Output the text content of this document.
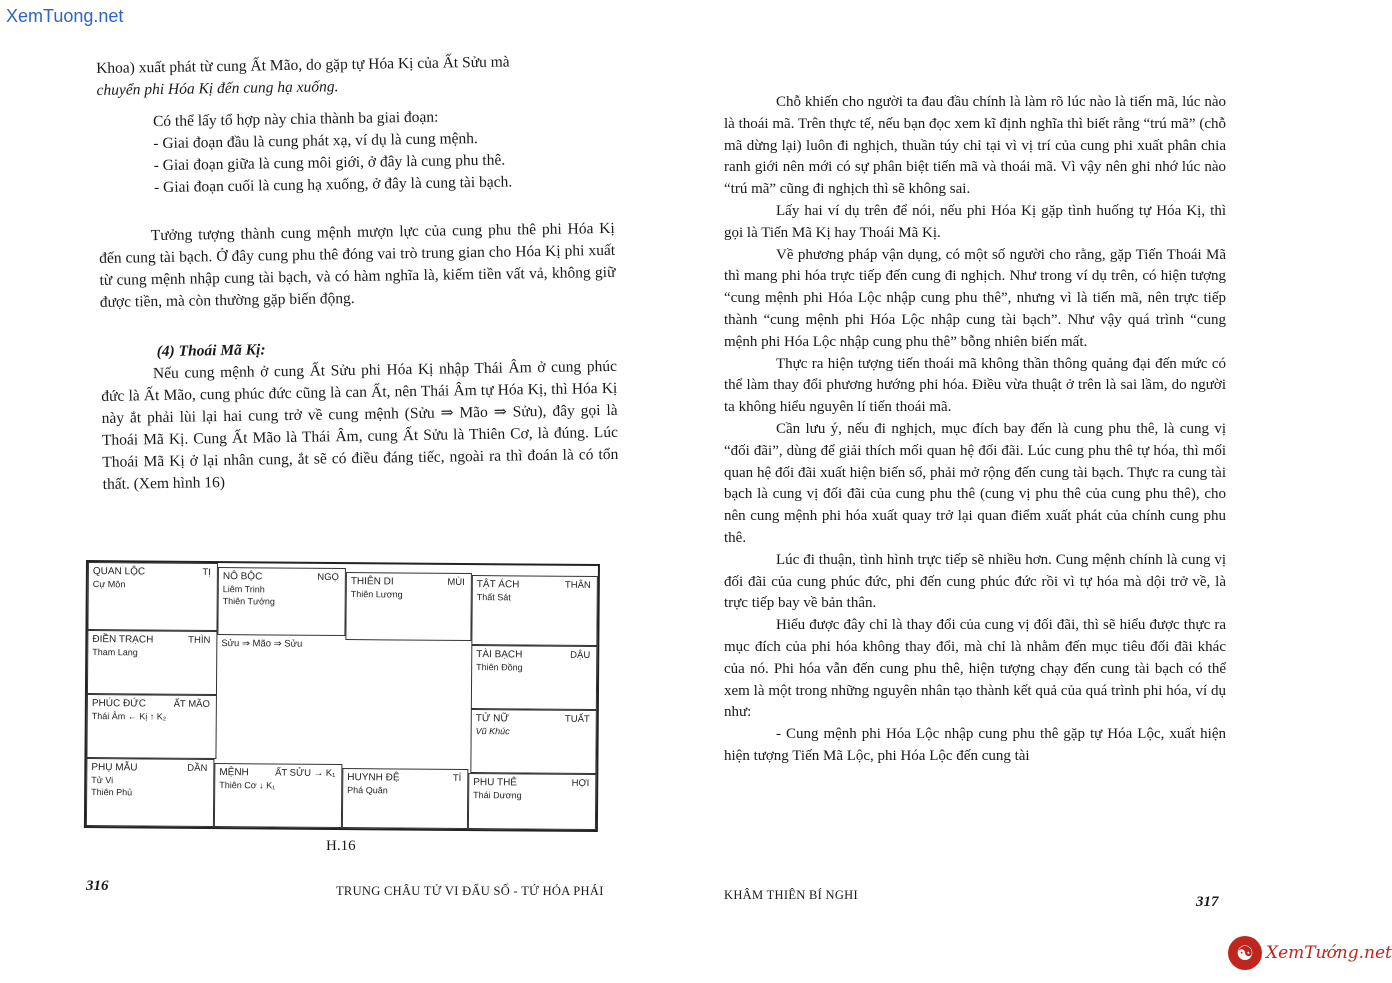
XemTuong.net

Khoa) xuất phát từ cung Ất Mão, do gặp tự Hóa Kị của Ất Sửu mà

chuyển phi Hóa Kị đến cung hạ xuống.

Có thể lấy tổ hợp này chia thành ba giai đoạn:

- Giai đoạn đầu là cung phát xạ, ví dụ là cung mệnh.

- Giai đoạn giữa là cung môi giới, ở đây là cung phu thê.

- Giai đoạn cuối là cung hạ xuống, ở đây là cung tài bạch.

Tưởng tượng thành cung mệnh mượn lực của cung phu thê phi Hóa Kị đến cung tài bạch. Ở đây cung phu thê đóng vai trò trung gian cho Hóa Kị phi xuất từ cung mệnh nhập cung tài bạch, và có hàm nghĩa là, kiếm tiền vất vả, không giữ được tiền, mà còn thường gặp biến động.

(4) Thoái Mã Kị:

Nếu cung mệnh ở cung Ất Sửu phi Hóa Kị nhập Thái Âm ở cung phúc đức là Ất Mão, cung phúc đức cũng là can Ất, nên Thái Âm tự Hóa Kị, thì Hóa Kị này ắt phải lùi lại hai cung trở về cung mệnh (Sửu ⇒ Mão ⇒ Sửu), đây gọi là Thoái Mã Kị. Cung Ất Mão là Thái Âm, cung Ất Sửu là Thiên Cơ, là đúng. Lúc Thoái Mã Kị ở lại nhân cung, ắt sẽ có điều đáng tiếc, ngoài ra thì đoán là có tổn thất. (Xem hình 16)

QUAN LỘC	TỊ
Cự Môn
NÔ BỘC	NGỌ
Liêm Trinh
Thiên Tướng
THIÊN DI	MÙI
Thiên Lương
TẬT ÁCH	THÂN
Thất Sát
ĐIỀN TRẠCH	THÌN
Tham Lang
PHÚC ĐỨC	ẤT MÃO
Thái Âm ← Kị ↑ K₂
TÀI BẠCH	DẬU
Thiên Đồng
TỬ NỮ	TUẤT
Vũ Khúc
Sửu ⇒ Mão ⇒ Sửu
PHỤ MẪU	DẦN
Tử Vi
Thiên Phủ
MỆNH	ẤT SỬU → K₁
Thiên Cơ ↓ K₁
HUYNH ĐỆ	TÍ
Phá Quân
PHU THÊ	HỢI
Thái Dương
H.16
316	TRUNG CHÂU TỬ VI ĐẨU SỐ - TỨ HÓA PHÁI

Chỗ khiến cho người ta đau đầu chính là làm rõ lúc nào là tiến mã, lúc nào là thoái mã. Trên thực tế, nếu bạn đọc xem kĩ định nghĩa thì biết rằng “trú mã” (chỗ mã dừng lại) luôn đi nghịch, thuần túy chỉ tại vì vị trí của cung phi xuất phân chia ranh giới nên mới có sự phân biệt tiến mã và thoái mã. Vì vậy nên ghi nhớ lúc nào “trú mã” cũng đi nghịch thì sẽ không sai.

Lấy hai ví dụ trên để nói, nếu phi Hóa Kị gặp tình huống tự Hóa Kị, thì gọi là Tiến Mã Kị hay Thoái Mã Kị.

Về phương pháp vận dụng, có một số người cho rằng, gặp Tiến Thoái Mã thì mang phi hóa trực tiếp đến cung đi nghịch. Như trong ví dụ trên, có hiện tượng “cung mệnh phi Hóa Lộc nhập cung phu thê”, nhưng vì là tiến mã, nên trực tiếp thành “cung mệnh phi Hóa Lộc nhập cung tài bạch”. Như vậy quá trình “cung mệnh phi Hóa Lộc nhập cung phu thê” bỗng nhiên biến mất.

Thực ra hiện tượng tiến thoái mã không thần thông quảng đại đến mức có thể làm thay đổi phương hướng phi hóa. Điều vừa thuật ở trên là sai lầm, do người ta không hiểu nguyên lí tiến thoái mã.

Cần lưu ý, nếu đi nghịch, mục đích bay đến là cung phu thê, là cung vị “đối đãi”, dùng để giải thích mối quan hệ đối đãi. Lúc cung phu thê tự hóa, thì mối quan hệ đối đãi xuất hiện biến số, phải mở rộng đến cung tài bạch. Thực ra cung tài bạch là cung vị đối đãi của cung phu thê (cung vị phu thê của cung phu thê), cho nên cung mệnh phi hóa xuất quay trở lại quan điểm xuất phát của chính cung phu thê.

Lúc đi thuận, tình hình trực tiếp sẽ nhiều hơn. Cung mệnh chính là cung vị đối đãi của cung phúc đức, phi đến cung phúc đức rồi vì tự hóa mà dội trở về, là trực tiếp bay về bản thân.

Hiểu được đây chỉ là thay đổi của cung vị đối đãi, thì sẽ hiểu được thực ra mục đích của phi hóa không thay đổi, mà chỉ là nhằm đến mục tiêu đối đãi khác của nó. Phi hóa vẫn đến cung phu thê, hiện tượng chạy đến cung tài bạch có thể xem là một trong những nguyên nhân tạo thành kết quả của quá trình phi hóa, ví dụ như:

- Cung mệnh phi Hóa Lộc nhập cung phu thê gặp tự Hóa Lộc, xuất hiện hiện tượng Tiến Mã Lộc, phi Hóa Lộc đến cung tài

KHÂM THIÊN BÍ NGHI	317
☯ XemTướng.net
